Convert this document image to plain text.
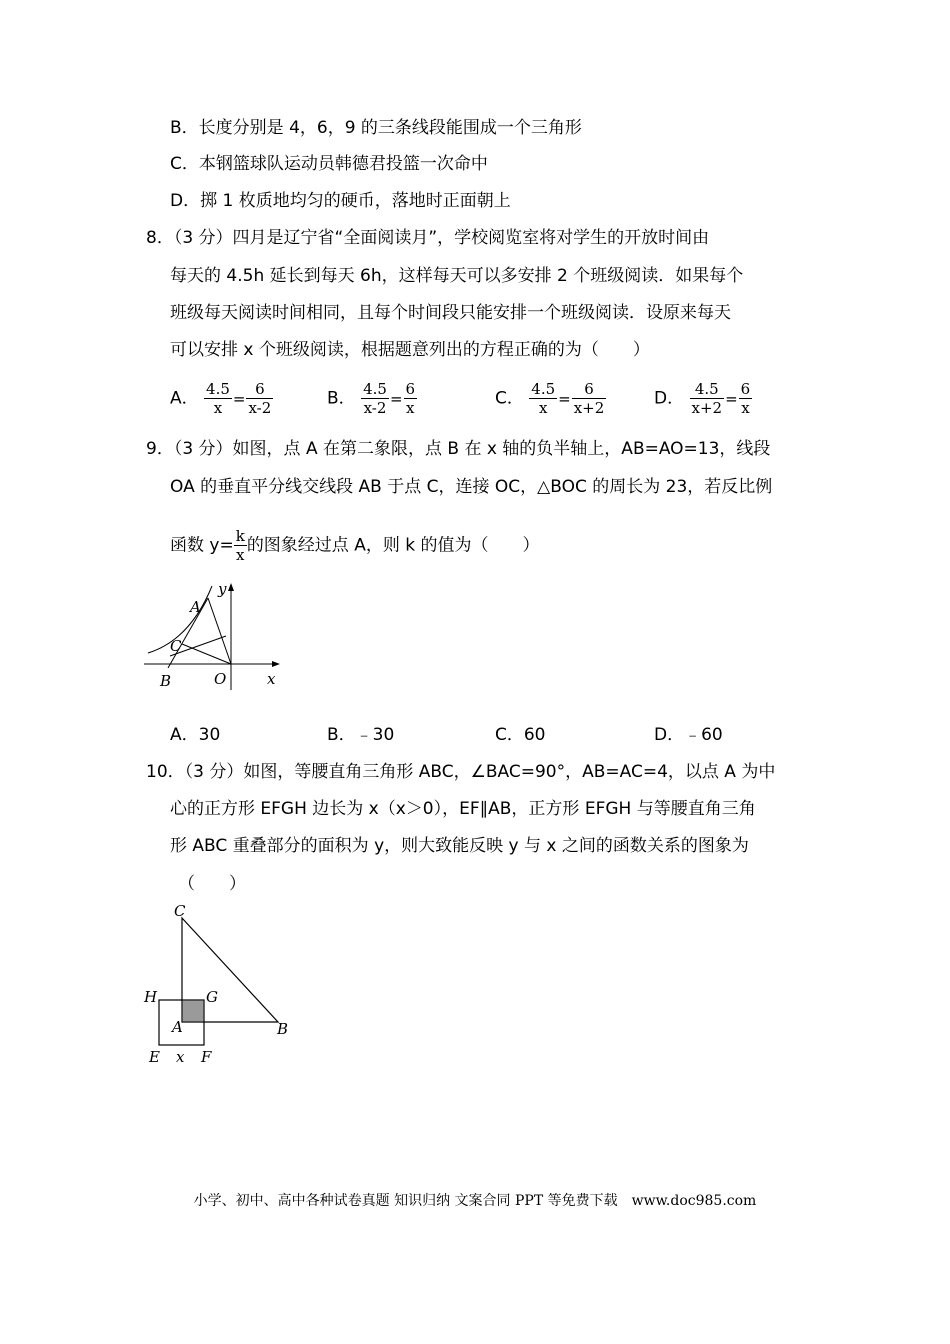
B．长度分别是 4，6，9 的三条线段能围成一个三角形
C．本钢篮球队运动员韩德君投篮一次命中
D．掷 1 枚质地均匀的硬币，落地时正面朝上
8．（3 分）四月是辽宁省“全面阅读月”，学校阅览室将对学生的开放时间由
每天的 4.5h 延长到每天 6h，这样每天可以多安排 2 个班级阅读．如果每个
班级每天阅读时间相同，且每个时间段只能安排一个班级阅读．设原来每天
可以安排 x 个班级阅读，根据题意列出的方程正确的为（　　）
A． $\frac{4.5}{x} = \frac{6}{x-2}$	B． $\frac{4.5}{x-2} = \frac{6}{x}$	C． $\frac{4.5}{x} = \frac{6}{x+2}$	D． $\frac{4.5}{x+2} = \frac{6}{x}$
9．（3 分）如图，点 A 在第二象限，点 B 在 x 轴的负半轴上，AB=AO=13，线段
OA 的垂直平分线交线段 AB 于点 C，连接 OC，△BOC 的周长为 23，若反比例
函数 $y= \frac{k}{x}$ 的图象经过点 A，则 k 的值为（　　）
A
C
B	O	x
y
A．30	B．﹣30	C．60	D．﹣60
10．（3 分）如图，等腰直角三角形 ABC，∠BAC=90°，AB=AC=4，以点 A 为中
心的正方形 EFGH 边长为 x（x＞0），EF∥AB，正方形 EFGH 与等腰直角三角
形 ABC 重叠部分的面积为 y，则大致能反映 y 与 x 之间的函数关系的图象为
（　　）
C
H	G
A	B
E x F
小学、初中、高中各种试卷真题 知识归纳 文案合同 PPT 等免费下载　www.doc985.com
